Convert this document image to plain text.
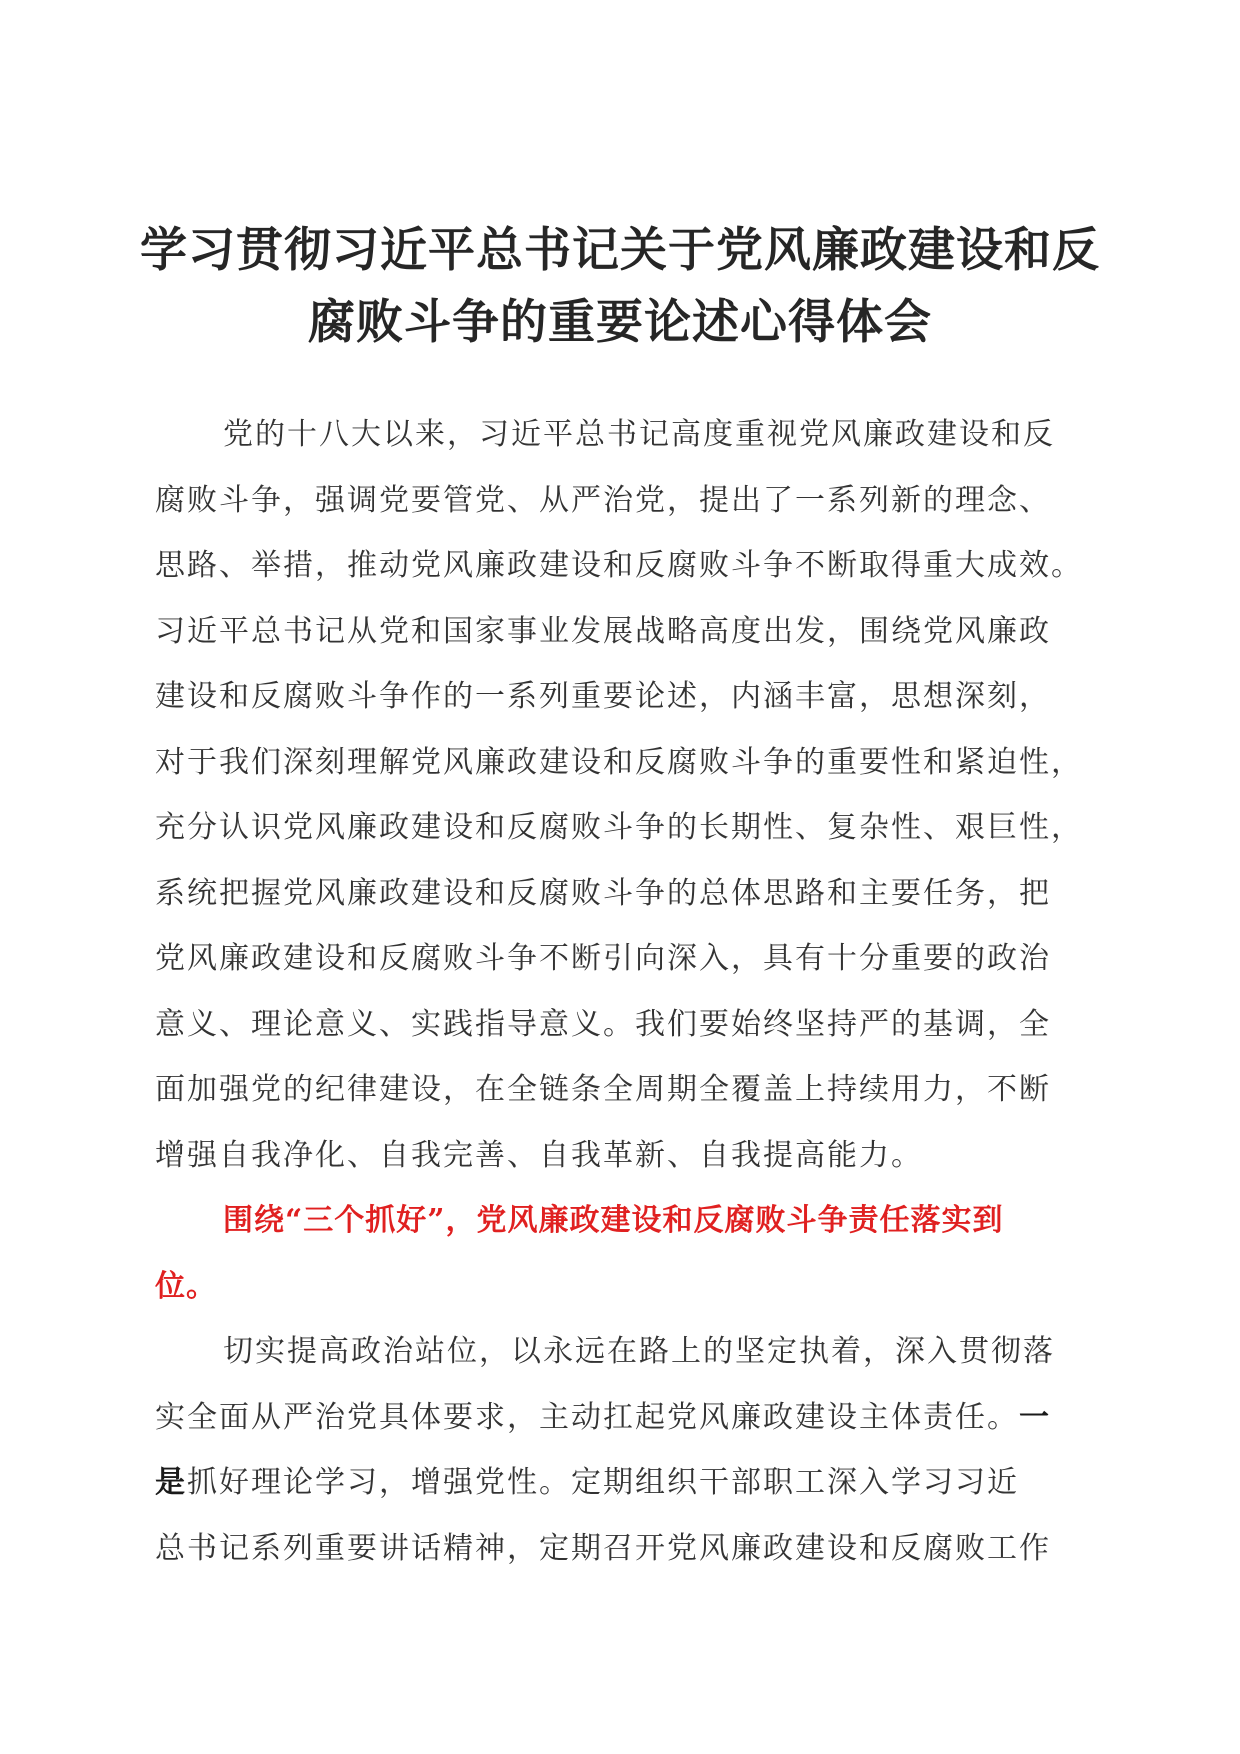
学习贯彻习近平总书记关于党风廉政建设和反
腐败斗争的重要论述心得体会
党的十八大以来，习近平总书记高度重视党风廉政建设和反
腐败斗争，强调党要管党、从严治党，提出了一系列新的理念、
思路、举措，推动党风廉政建设和反腐败斗争不断取得重大成效。
习近平总书记从党和国家事业发展战略高度出发，围绕党风廉政
建设和反腐败斗争作的一系列重要论述，内涵丰富，思想深刻，
对于我们深刻理解党风廉政建设和反腐败斗争的重要性和紧迫性，
充分认识党风廉政建设和反腐败斗争的长期性、复杂性、艰巨性，
系统把握党风廉政建设和反腐败斗争的总体思路和主要任务，把
党风廉政建设和反腐败斗争不断引向深入，具有十分重要的政治
意义、理论意义、实践指导意义。我们要始终坚持严的基调，全
面加强党的纪律建设，在全链条全周期全覆盖上持续用力，不断
增强自我净化、自我完善、自我革新、自我提高能力。
围绕“三个抓好”，党风廉政建设和反腐败斗争责任落实到
位。
切实提高政治站位，以永远在路上的坚定执着，深入贯彻落
实全面从严治党具体要求，主动扛起党风廉政建设主体责任。一
是抓好理论学习，增强党性。定期组织干部职工深入学习习近
总书记系列重要讲话精神，定期召开党风廉政建设和反腐败工作
